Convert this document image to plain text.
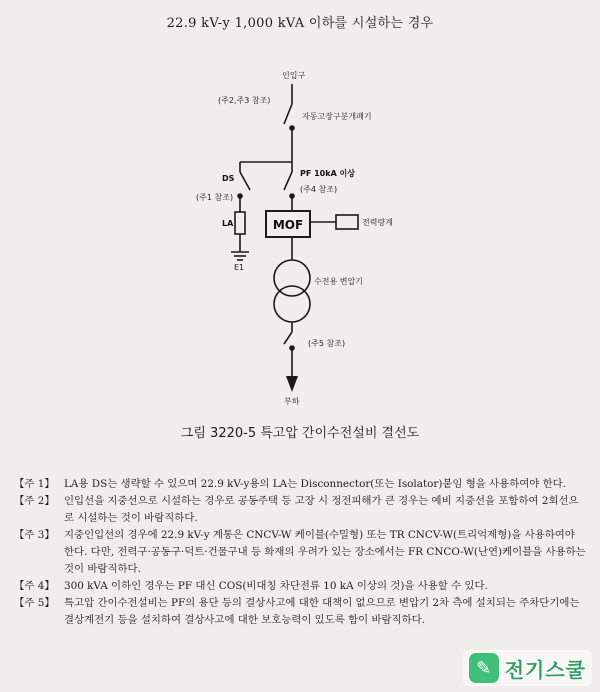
22.9 kV-y 1,000 kVA 이하를 시설하는 경우
인입구
(주2,주3 참조)
자동고장구분개폐기
DS
(주1 참조)
PF 10kA 이상
(주4 참조)
LA
E1
MOF	전력량계
수전용 변압기
(주5 참조)
부하
그림 3220-5 특고압 간이수전설비 결선도
【주 1】 LA용 DS는 생략할 수 있으며 22.9 kV-y용의 LA는 Disconnector(또는 Isolator)붙임 형을 사용하여야 한다.
【주 2】 인입선을 지중선으로 시설하는 경우로 공동주택 등 고장 시 정전피해가 큰 경우는 예비 지중선을 포함하여 2회선으로 시설하는 것이 바람직하다.
【주 3】 지중인입선의 경우에 22.9 kV-y 계통은 CNCV-W 케이블(수밀형) 또는 TR CNCV-W(트리억제형)을 사용하여야 한다. 다만, 전력구·공동구·덕트·건물구내 등 화재의 우려가 있는 장소에서는 FR CNCO-W(난연)케이블을 사용하는 것이 바람직하다.
【주 4】 300 kVA 이하인 경우는 PF 대신 COS(비대칭 차단전류 10 kA 이상의 것)을 사용할 수 있다.
【주 5】 특고압 간이수전설비는 PF의 용단 등의 결상사고에 대한 대책이 없으므로 변압기 2차 측에 설치되는 주차단기에는 결상계전기 등을 설치하여 결상사고에 대한 보호능력이 있도록 함이 바람직하다.
✎ 전기스쿨
